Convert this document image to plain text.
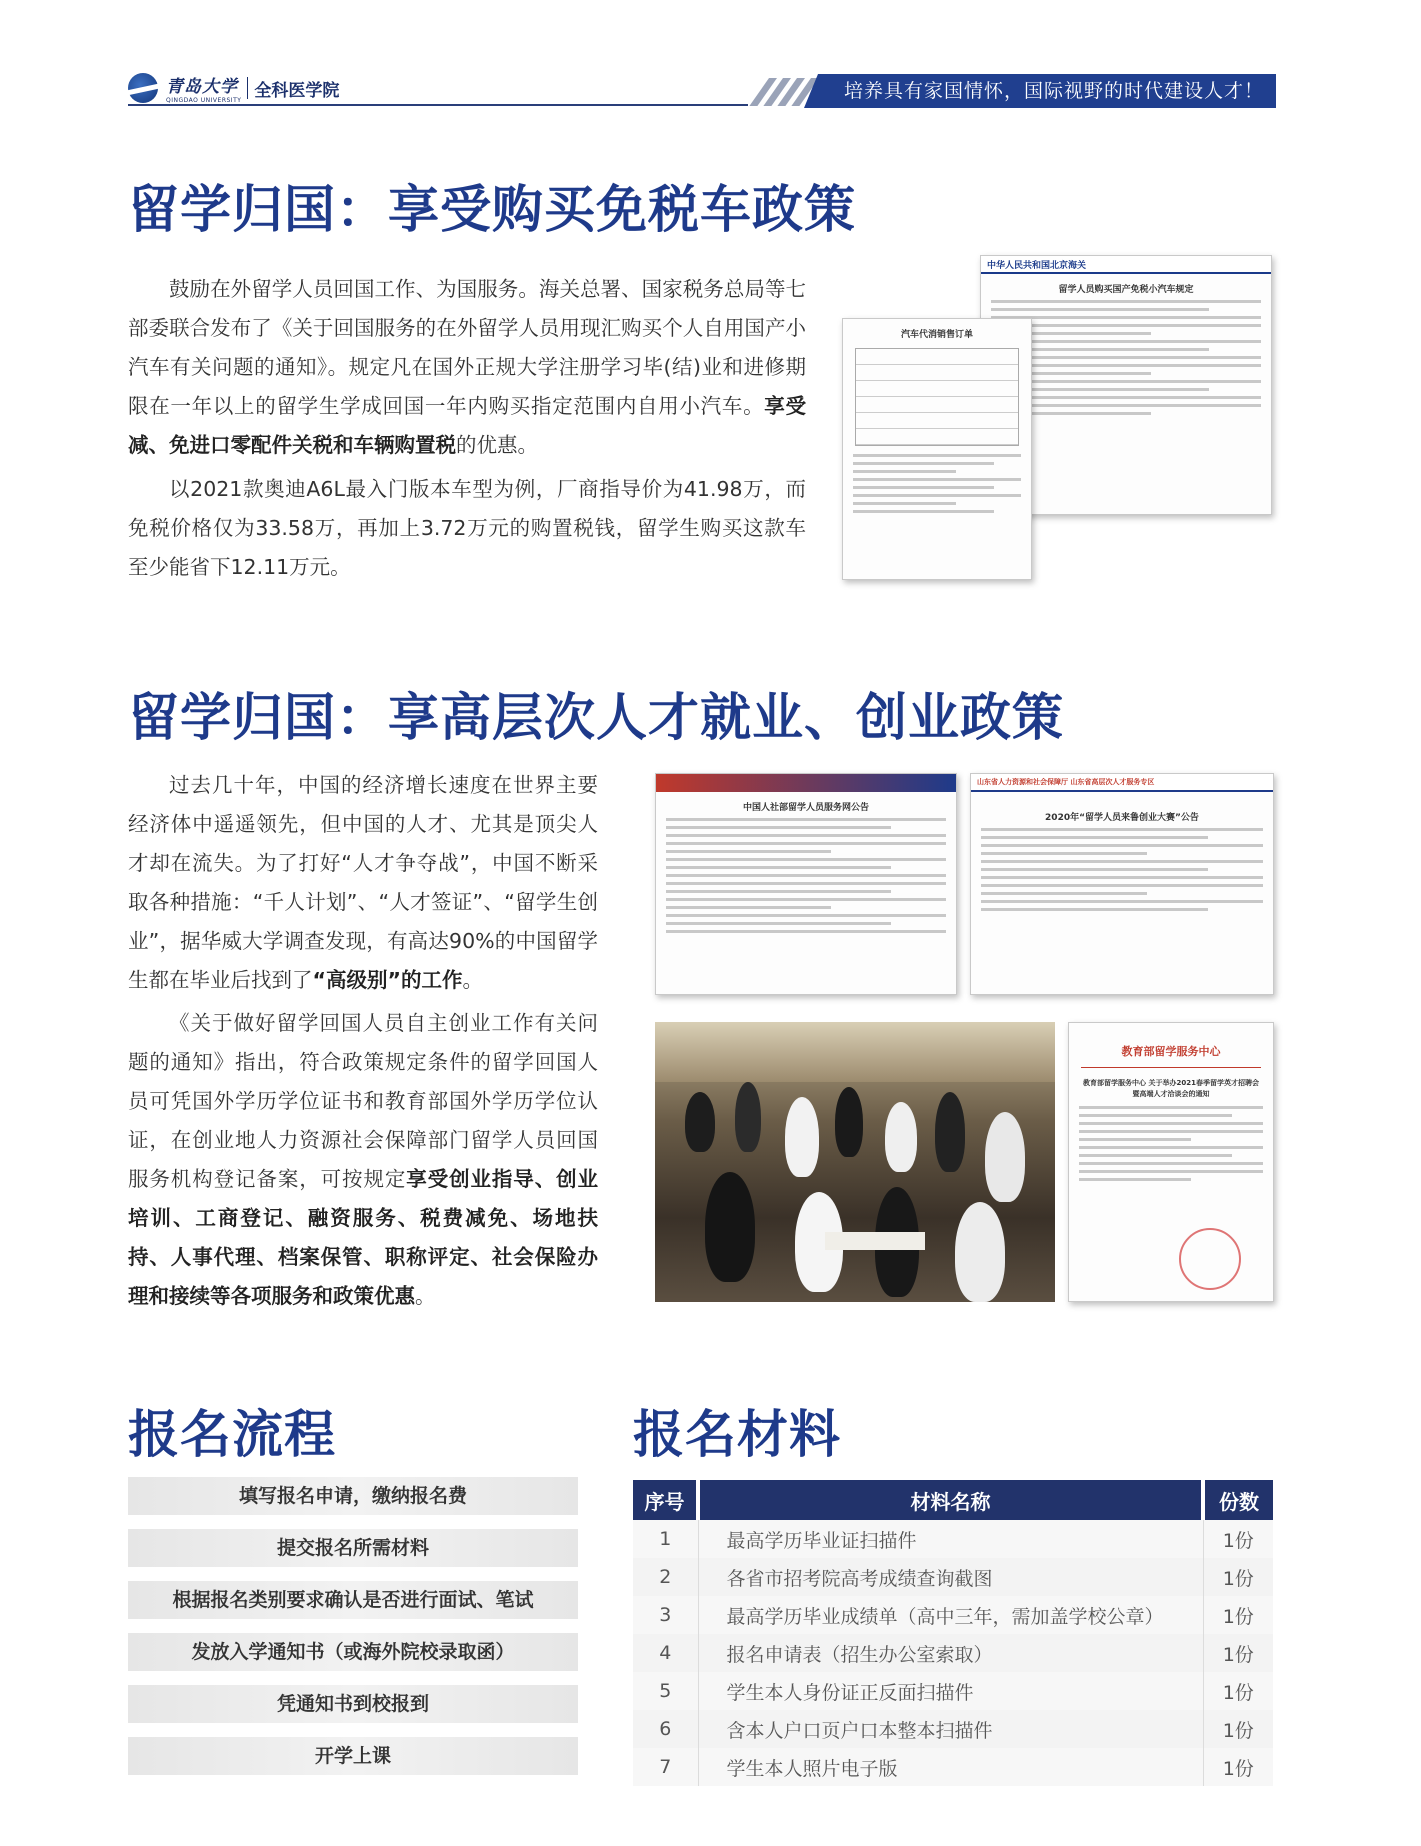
青岛大学
QINGDAO UNIVERSITY 全科医学院	培养具有家国情怀，国际视野的时代建设人才！
留学归国：享受购买免税车政策

鼓励在外留学人员回国工作、为国服务。海关总署、国家税务总局等七部委联合发布了《关于回国服务的在外留学人员用现汇购买个人自用国产小汽车有关问题的通知》。规定凡在国外正规大学注册学习毕(结)业和进修期限在一年以上的留学生学成回国一年内购买指定范围内自用小汽车。享受减、免进口零配件关税和车辆购置税的优惠。

以2021款奥迪A6L最入门版本车型为例，厂商指导价为41.98万，而免税价格仅为33.58万，再加上3.72万元的购置税钱，留学生购买这款车至少能省下12.11万元。

中华人民共和国北京海关
留学人员购买国产免税小汽车规定
汽车代消销售订单
留学归国：享高层次人才就业、创业政策

过去几十年，中国的经济增长速度在世界主要经济体中遥遥领先，但中国的人才、尤其是顶尖人才却在流失。为了打好“人才争夺战”，中国不断采取各种措施：“千人计划”、“人才签证”、“留学生创业”，据华威大学调查发现，有高达90%的中国留学生都在毕业后找到了“高级别”的工作。

《关于做好留学回国人员自主创业工作有关问题的通知》指出，符合政策规定条件的留学回国人员可凭国外学历学位证书和教育部国外学历学位认证，在创业地人力资源社会保障部门留学人员回国服务机构登记备案，可按规定享受创业指导、创业培训、工商登记、融资服务、税费减免、场地扶持、人事代理、档案保管、职称评定、社会保险办理和接续等各项服务和政策优惠。

中国人社部留学人员服务网公告
山东省人力资源和社会保障厅 山东省高层次人才服务专区
2020年“留学人员来鲁创业大赛”公告
教育部留学服务中心
教育部留学服务中心 关于举办2021春季留学英才招聘会 暨高端人才洽谈会的通知
报名流程
填写报名申请，缴纳报名费
提交报名所需材料
根据报名类别要求确认是否进行面试、笔试
发放入学通知书（或海外院校录取函）
凭通知书到校报到
开学上课
报名材料
序号	材料名称	份数
1	最高学历毕业证扫描件	1份
2	各省市招考院高考成绩查询截图	1份
3	最高学历毕业成绩单（高中三年，需加盖学校公章）	1份
4	报名申请表（招生办公室索取）	1份
5	学生本人身份证正反面扫描件	1份
6	含本人户口页户口本整本扫描件	1份
7	学生本人照片电子版	1份
